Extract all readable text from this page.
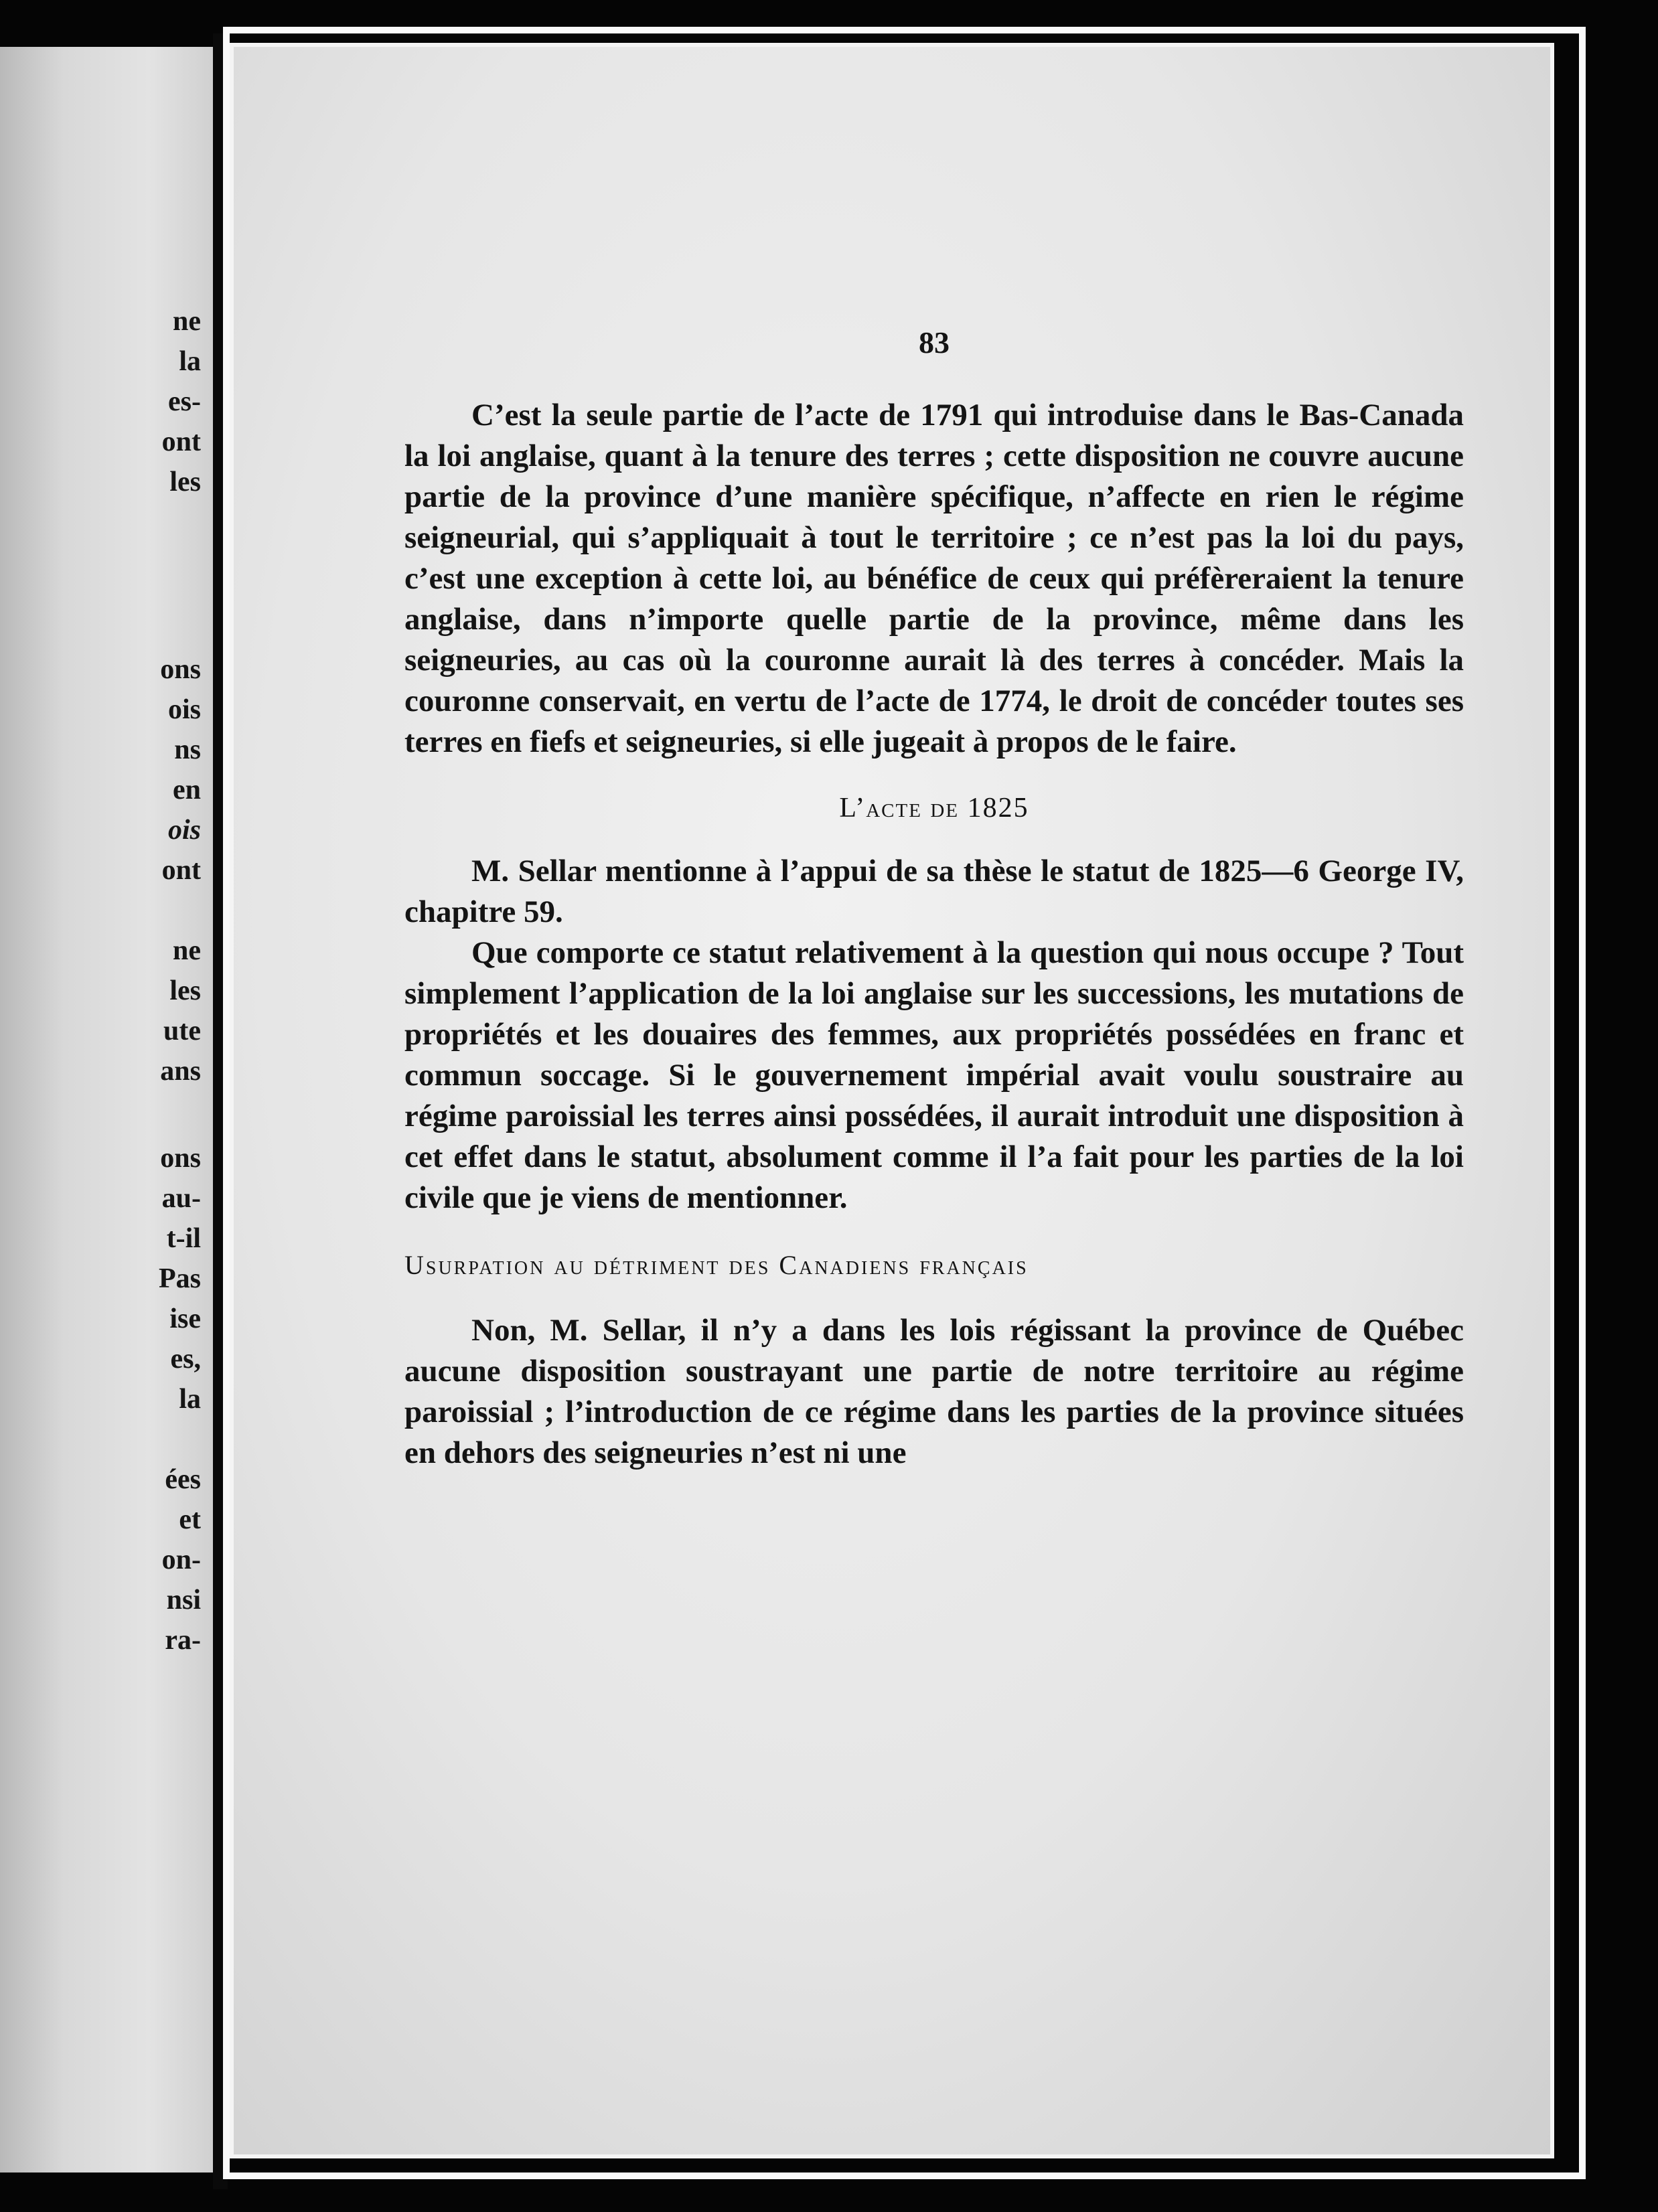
ne
la
es-
ont
les
ons
ois
ns
en
ois
ont
ne
les
ute
ans
ons
au-
t-il
Pas
ise
es,
la
ées
et
on-
nsi
ra-
83

C’est la seule partie de l’acte de 1791 qui introduise dans le Bas-Canada la loi anglaise, quant à la tenure des terres ; cette disposition ne couvre aucune partie de la province d’une manière spécifique, n’affecte en rien le régime seigneurial, qui s’appliquait à tout le territoire ; ce n’est pas la loi du pays, c’est une exception à cette loi, au bénéfice de ceux qui préfèreraient la tenure anglaise, dans n’importe quelle partie de la province, même dans les seigneuries, au cas où la couronne aurait là des terres à concéder. Mais la couronne conservait, en vertu de l’acte de 1774, le droit de concéder toutes ses terres en fiefs et seigneuries, si elle jugeait à propos de le faire.

L’acte de 1825

M. Sellar mentionne à l’appui de sa thèse le statut de 1825—6 George IV, chapitre 59.

Que comporte ce statut relativement à la question qui nous occupe ? Tout simplement l’application de la loi anglaise sur les successions, les mutations de propriétés et les douaires des femmes, aux propriétés possédées en franc et commun soccage. Si le gouvernement impérial avait voulu soustraire au régime paroissial les terres ainsi possédées, il aurait introduit une disposition à cet effet dans le statut, absolument comme il l’a fait pour les parties de la loi civile que je viens de mentionner.

Usurpation au détriment des Canadiens français

Non, M. Sellar, il n’y a dans les lois régissant la province de Québec aucune disposition soustrayant une partie de notre territoire au régime paroissial ; l’introduction de ce régime dans les parties de la province situées en dehors des seigneuries n’est ni une
